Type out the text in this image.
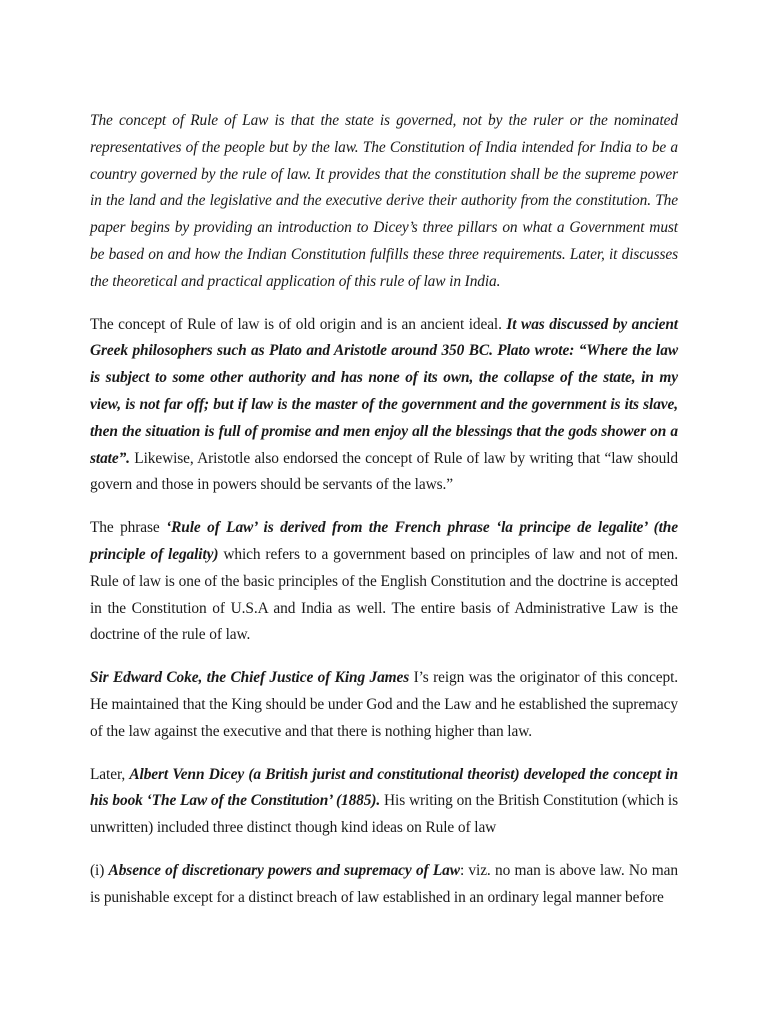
The concept of Rule of Law is that the state is governed, not by the ruler or the nominated representatives of the people but by the law. The Constitution of India intended for India to be a country governed by the rule of law. It provides that the constitution shall be the supreme power in the land and the legislative and the executive derive their authority from the constitution. The paper begins by providing an introduction to Dicey’s three pillars on what a Government must be based on and how the Indian Constitution fulfills these three requirements. Later, it discusses the theoretical and practical application of this rule of law in India.

The concept of Rule of law is of old origin and is an ancient ideal. It was discussed by ancient Greek philosophers such as Plato and Aristotle around 350 BC. Plato wrote: “Where the law is subject to some other authority and has none of its own, the collapse of the state, in my view, is not far off; but if law is the master of the government and the government is its slave, then the situation is full of promise and men enjoy all the blessings that the gods shower on a state”. Likewise, Aristotle also endorsed the concept of Rule of law by writing that “law should govern and those in powers should be servants of the laws.”

The phrase ‘Rule of Law’ is derived from the French phrase ‘la principe de legalite’ (the principle of legality) which refers to a government based on principles of law and not of men. Rule of law is one of the basic principles of the English Constitution and the doctrine is accepted in the Constitution of U.S.A and India as well. The entire basis of Administrative Law is the doctrine of the rule of law.

Sir Edward Coke, the Chief Justice of King James I’s reign was the originator of this concept. He maintained that the King should be under God and the Law and he established the supremacy of the law against the executive and that there is nothing higher than law.

Later, Albert Venn Dicey (a British jurist and constitutional theorist) developed the concept in his book ‘The Law of the Constitution’ (1885). His writing on the British Constitution (which is unwritten) included three distinct though kind ideas on Rule of law

(i) Absence of discretionary powers and supremacy of Law: viz. no man is above law. No man is punishable except for a distinct breach of law established in an ordinary legal manner before
